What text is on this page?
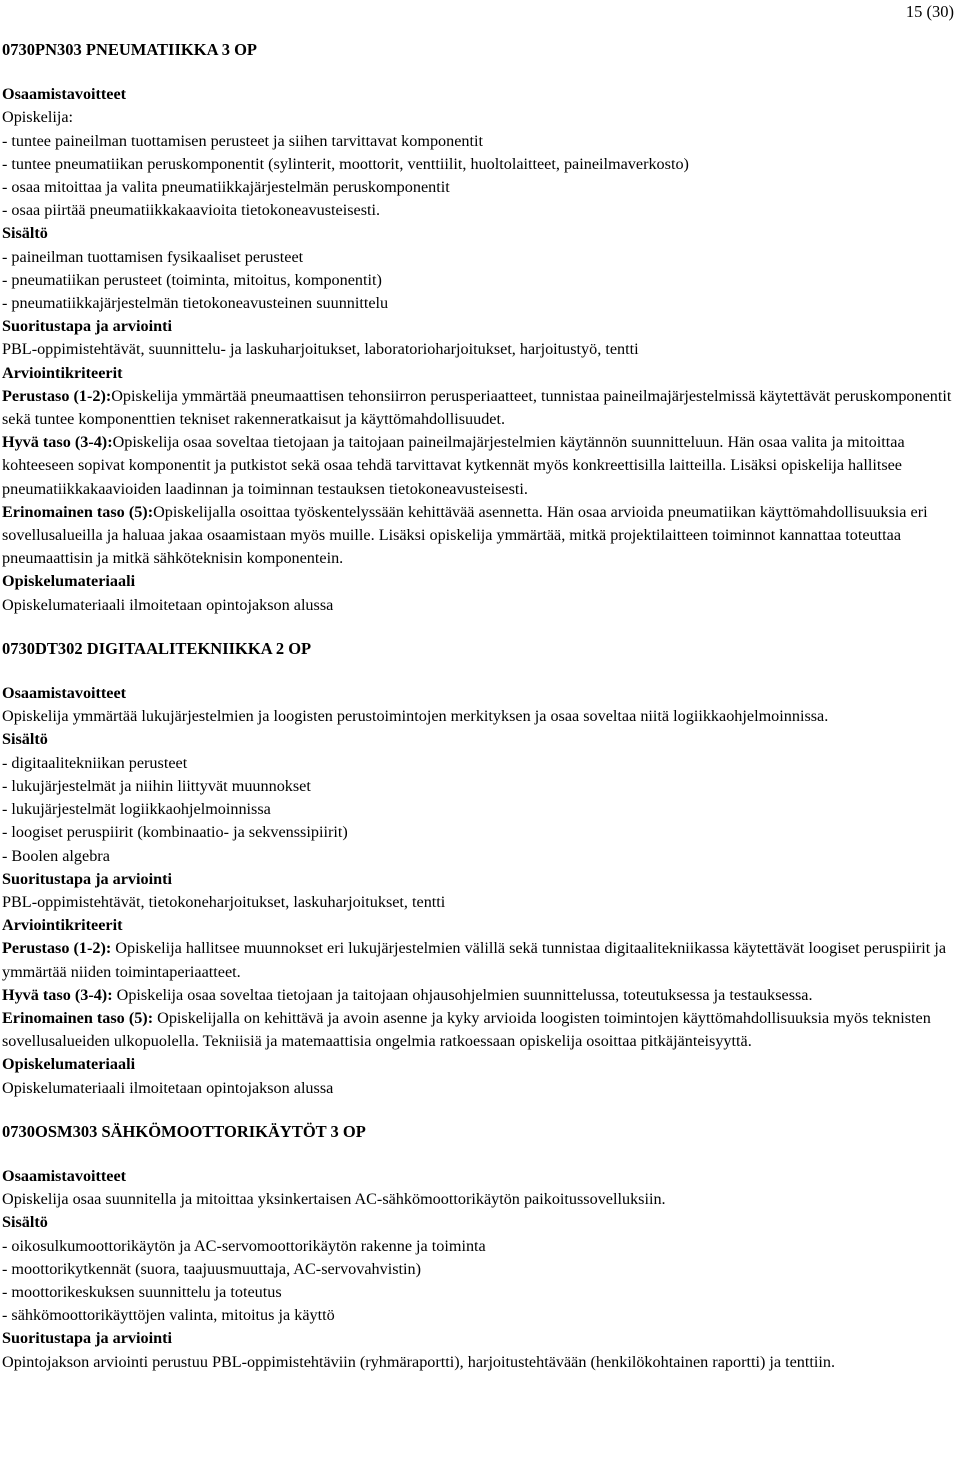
15 (30)
0730PN303 PNEUMATIIKKA 3 OP
Osaamistavoitteet
Opiskelija:
- tuntee paineilman tuottamisen perusteet ja siihen tarvittavat komponentit
- tuntee pneumatiikan peruskomponentit (sylinterit, moottorit, venttiilit, huoltolaitteet, paineilmaverkosto)
- osaa mitoittaa ja valita pneumatiikkajärjestelmän peruskomponentit
- osaa piirtää pneumatiikkakaavioita tietokoneavusteisesti.
Sisältö
- paineilman tuottamisen fysikaaliset perusteet
- pneumatiikan perusteet (toiminta, mitoitus, komponentit)
- pneumatiikkajärjestelmän tietokoneavusteinen suunnittelu
Suoritustapa ja arviointi
PBL-oppimistehtävät, suunnittelu- ja laskuharjoitukset, laboratorioharjoitukset, harjoitustyö, tentti
Arviointikriteerit
Perustaso (1-2):Opiskelija ymmärtää pneumaattisen tehonsiirron perusperiaatteet, tunnistaa paineilmajärjestelmissä käytettävät peruskomponentit sekä tuntee komponenttien tekniset rakenneratkaisut ja käyttömahdollisuudet.
Hyvä taso (3-4):Opiskelija osaa soveltaa tietojaan ja taitojaan paineilmajärjestelmien käytännön suunnitteluun. Hän osaa valita ja mitoittaa kohteeseen sopivat komponentit ja putkistot sekä osaa tehdä tarvittavat kytkennät myös konkreettisilla laitteilla. Lisäksi opiskelija hallitsee pneumatiikkakaavioiden laadinnan ja toiminnan testauksen tietokoneavusteisesti.
Erinomainen taso (5):Opiskelijalla osoittaa työskentelyssään kehittävää asennetta. Hän osaa arvioida pneumatiikan käyttömahdollisuuksia eri sovellusalueilla ja haluaa jakaa osaamistaan myös muille. Lisäksi opiskelija ymmärtää, mitkä projektilaitteen toiminnot kannattaa toteuttaa pneumaattisin ja mitkä sähköteknisin komponentein.
Opiskelumateriaali
Opiskelumateriaali ilmoitetaan opintojakson alussa
0730DT302 DIGITAALITEKNIIKKA 2 OP
Osaamistavoitteet
Opiskelija ymmärtää lukujärjestelmien ja loogisten perustoimintojen merkityksen ja osaa soveltaa niitä logiikkaohjelmoinnissa.
Sisältö
- digitaalitekniikan perusteet
- lukujärjestelmät ja niihin liittyvät muunnokset
- lukujärjestelmät logiikkaohjelmoinnissa
- loogiset peruspiirit (kombinaatio- ja sekvenssipiirit)
- Boolen algebra
Suoritustapa ja arviointi
PBL-oppimistehtävät, tietokoneharjoitukset, laskuharjoitukset, tentti
Arviointikriteerit
Perustaso (1-2): Opiskelija hallitsee muunnokset eri lukujärjestelmien välillä sekä tunnistaa digitaalitekniikassa käytettävät loogiset peruspiirit ja ymmärtää niiden toimintaperiaatteet.
Hyvä taso (3-4): Opiskelija osaa soveltaa tietojaan ja taitojaan ohjausohjelmien suunnittelussa, toteutuksessa ja testauksessa.
Erinomainen taso (5): Opiskelijalla on kehittävä ja avoin asenne ja kyky arvioida loogisten toimintojen käyttömahdollisuuksia myös teknisten sovellusalueiden ulkopuolella. Tekniisiä ja matemaattisia ongelmia ratkoessaan opiskelija osoittaa pitkäjänteisyyttä.
Opiskelumateriaali
Opiskelumateriaali ilmoitetaan opintojakson alussa
0730OSM303 SÄHKÖMOOTTORIKÄYTÖT 3 OP
Osaamistavoitteet
Opiskelija osaa suunnitella ja mitoittaa yksinkertaisen AC-sähkömoottorikäytön paikoitussovelluksiin.
Sisältö
- oikosulkumoottorikäytön ja AC-servomoottorikäytön rakenne ja toiminta
- moottorikytkennät (suora, taajuusmuuttaja, AC-servovahvistin)
- moottorikeskuksen suunnittelu ja toteutus
- sähkömoottorikäyttöjen valinta, mitoitus ja käyttö
Suoritustapa ja arviointi
Opintojakson arviointi perustuu PBL-oppimistehtäviin (ryhmäraportti), harjoitustehtävään (henkilökohtainen raportti) ja tenttiin.
